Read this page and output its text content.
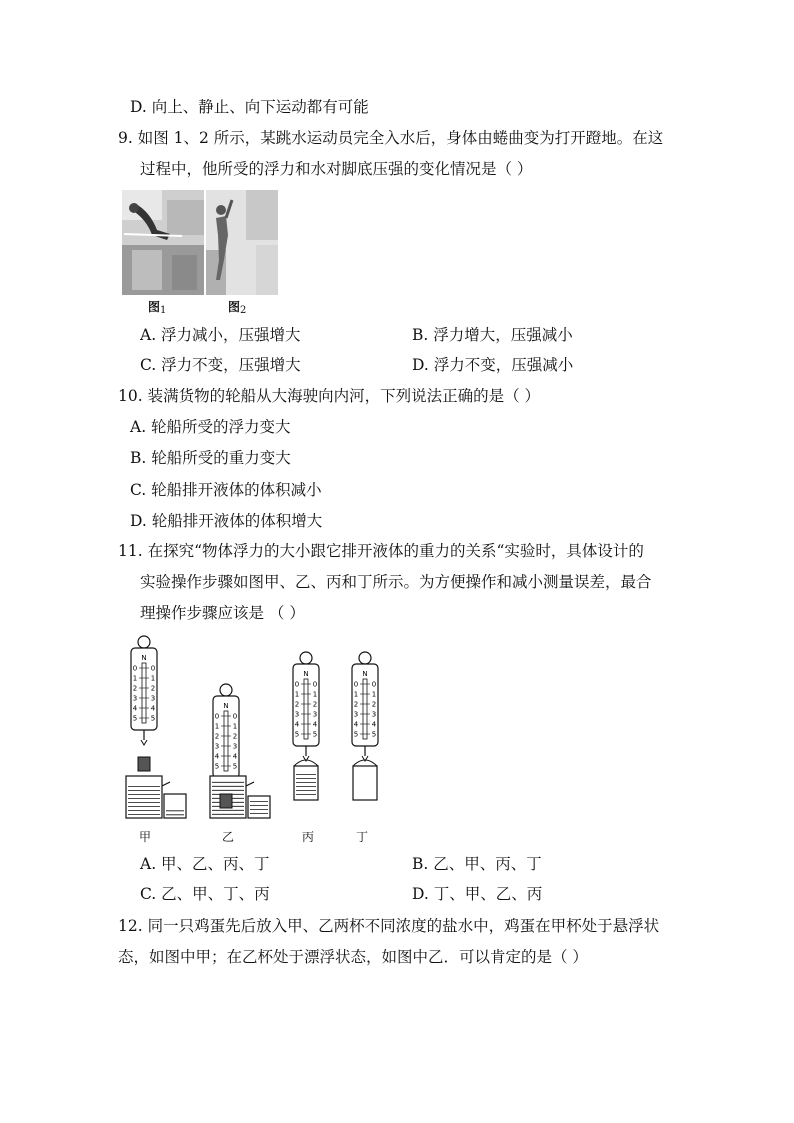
D. 向上、静止、向下运动都有可能
9. 如图 1、2 所示，某跳水运动员完全入水后，身体由蜷曲变为打开蹬地。在这
过程中，他所受的浮力和水对脚底压强的变化情况是（ ）
图$_1$	图$_2$
A. 浮力减小，压强增大	B. 浮力增大，压强减小
C. 浮力不变，压强增大	D. 浮力不变，压强减小
10. 装满货物的轮船从大海驶向内河，下列说法正确的是（ ）
A. 轮船所受的浮力变大
B. 轮船所受的重力变大
C. 轮船排开液体的体积减小
D. 轮船排开液体的体积增大
11. 在探究“物体浮力的大小跟它排开液体的重力的关系“实验时，具体设计的
实验操作步骤如图甲、乙、丙和丁所示。为方便操作和减小测量误差，最合
理操作步骤应该是 （ ）
N
0 0
1 1
2 2
3 3
4 4
5 5
N
0 0
1 1
2 2
3 3
4 4
5 5
N
0 0
1 1
2 2
3 3
4 4
5 5
N
0 0
1 1
2 2
3 3
4 4
5 5
甲	乙	丙	丁
A. 甲、乙、丙、丁	B. 乙、甲、丙、丁
C. 乙、甲、丁、丙	D. 丁、甲、乙、丙
12. 同一只鸡蛋先后放入甲、乙两杯不同浓度的盐水中，鸡蛋在甲杯处于悬浮状
态，如图中甲；在乙杯处于漂浮状态，如图中乙．可以肯定的是（ ）
